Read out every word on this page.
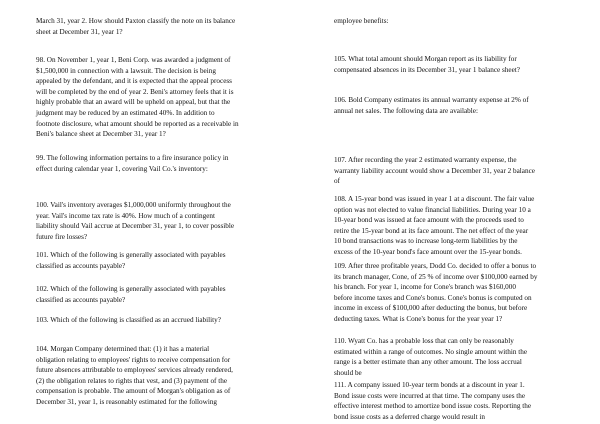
March 31, year 2. How should Paxton classify the note on its balance
sheet at December 31, year 1?

98. On November 1, year 1, Beni Corp. was awarded a judgment of
$1,500,000 in connection with a lawsuit. The decision is being
appealed by the defendant, and it is expected that the appeal process
will be completed by the end of year 2. Beni's attorney feels that it is
highly probable that an award will be upheld on appeal, but that the
judgment may be reduced by an estimated 40%. In addition to
footnote disclosure, what amount should be reported as a receivable in
Beni's balance sheet at December 31, year 1?

99. The following information pertains to a fire insurance policy in
effect during calendar year 1, covering Vail Co.'s inventory:

100. Vail's inventory averages $1,000,000 uniformly throughout the
year. Vail's income tax rate is 40%. How much of a contingent
liability should Vail accrue at December 31, year 1, to cover possible
future fire losses?

101. Which of the following is generally associated with payables
classified as accounts payable?

102. Which of the following is generally associated with payables
classified as accounts payable?

103. Which of the following is classified as an accrued liability?

104. Morgan Company determined that: (1) it has a material
obligation relating to employees' rights to receive compensation for
future absences attributable to employees' services already rendered,
(2) the obligation relates to rights that vest, and (3) payment of the
compensation is probable. The amount of Morgan's obligation as of
December 31, year 1, is reasonably estimated for the following

employee benefits:

105. What total amount should Morgan report as its liability for
compensated absences in its December 31, year 1 balance sheet?

106. Bold Company estimates its annual warranty expense at 2% of
annual net sales. The following data are available:

107. After recording the year 2 estimated warranty expense, the
warranty liability account would show a December 31, year 2 balance
of

108. A 15-year bond was issued in year 1 at a discount. The fair value
option was not elected to value financial liabilities. During year 10 a
10-year bond was issued at face amount with the proceeds used to
retire the 15-year bond at its face amount. The net effect of the year
10 bond transactions was to increase long-term liabilities by the
excess of the 10-year bond's face amount over the 15-year bonds.

109. After three profitable years, Dodd Co. decided to offer a bonus to
its branch manager, Cone, of 25 % of income over $100,000 earned by
his branch. For year 1, income for Cone's branch was $160,000
before income taxes and Cone's bonus. Cone's bonus is computed on
income in excess of $100,000 after deducting the bonus, but before
deducting taxes. What is Cone's bonus for the year year 1?

110. Wyatt Co. has a probable loss that can only be reasonably
estimated within a range of outcomes. No single amount within the
range is a better estimate than any other amount. The loss accrual
should be

111. A company issued 10-year term bonds at a discount in year 1.
Bond issue costs were incurred at that time. The company uses the
effective interest method to amortize bond issue costs. Reporting the
bond issue costs as a deferred charge would result in
